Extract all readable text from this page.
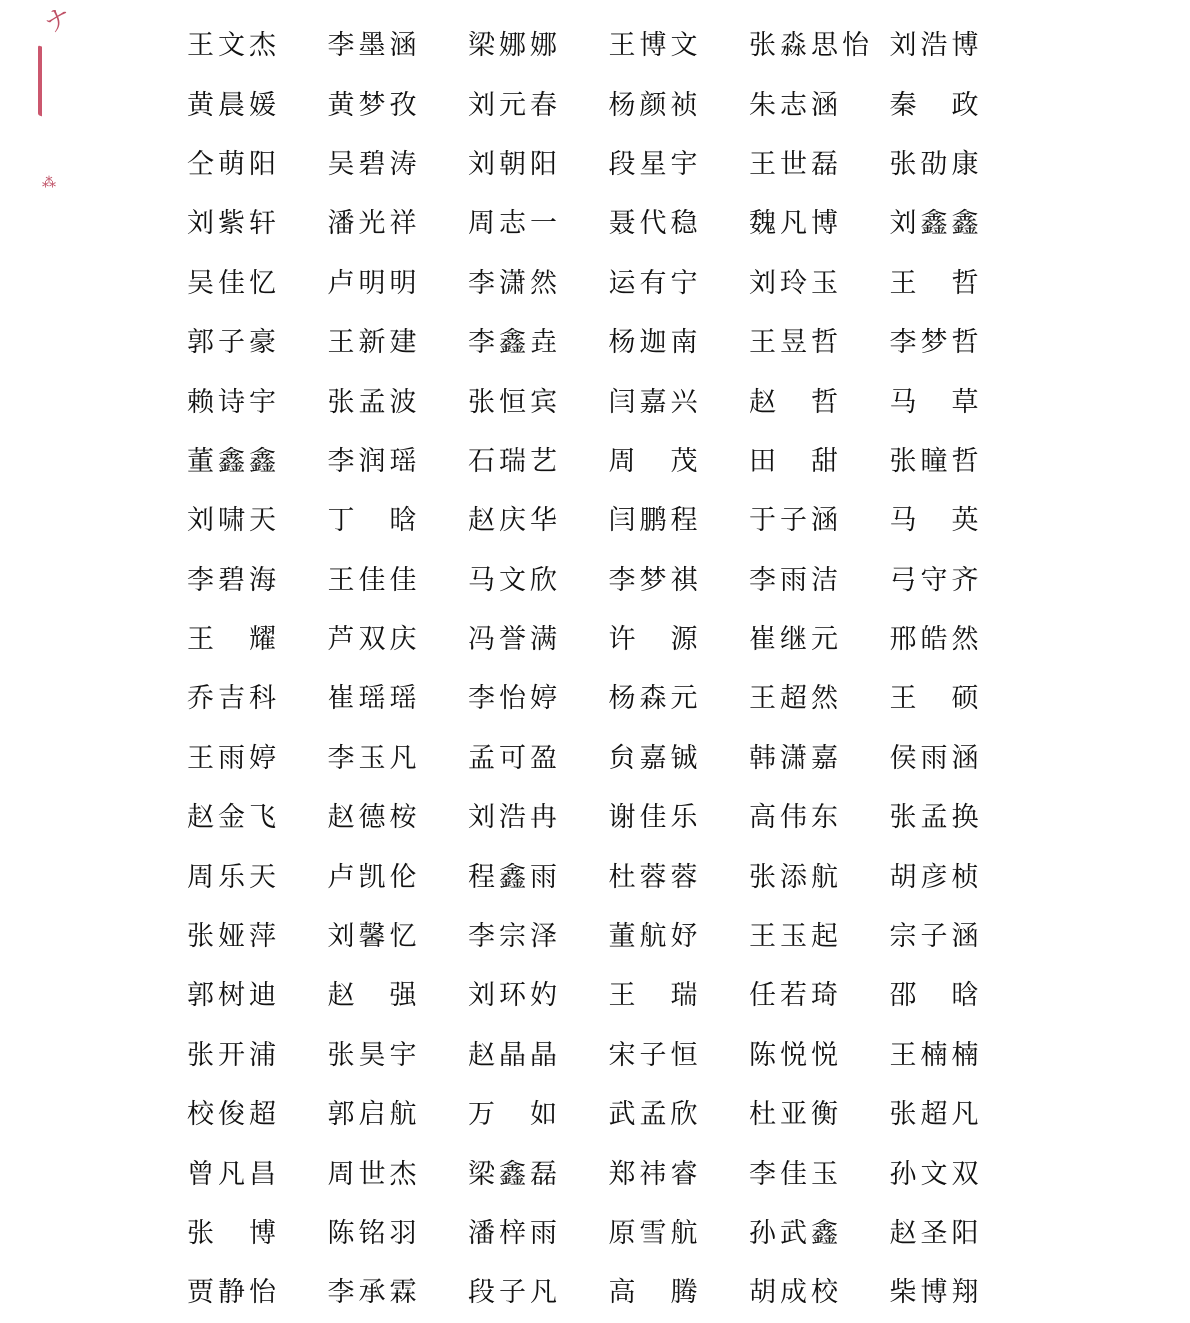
ナ
⁂
王文杰	李墨涵	梁娜娜	王博文	张淼思怡	刘浩博
黄晨媛	黄梦孜	刘元春	杨颜祯	朱志涵	秦政
仝萌阳	吴碧涛	刘朝阳	段星宇	王世磊	张劭康
刘紫轩	潘光祥	周志一	聂代稳	魏凡博	刘鑫鑫
吴佳忆	卢明明	李潇然	运有宁	刘玲玉	王哲
郭子豪	王新建	李鑫垚	杨迦南	王昱哲	李梦哲
赖诗宇	张孟波	张恒宾	闫嘉兴	赵哲	马草
董鑫鑫	李润瑶	石瑞艺	周茂	田甜	张瞳哲
刘啸天	丁晗	赵庆华	闫鹏程	于子涵	马英
李碧海	王佳佳	马文欣	李梦祺	李雨洁	弓守齐
王耀	芦双庆	冯誉满	许源	崔继元	邢皓然
乔吉科	崔瑶瑶	李怡婷	杨森元	王超然	王硕
王雨婷	李玉凡	孟可盈	贠嘉铖	韩潇嘉	侯雨涵
赵金飞	赵德桉	刘浩冉	谢佳乐	高伟东	张孟换
周乐天	卢凯伦	程鑫雨	杜蓉蓉	张添航	胡彦桢
张娅萍	刘馨忆	李宗泽	董航妤	王玉起	宗子涵
郭树迪	赵强	刘环妁	王瑞	任若琦	邵晗
张开浦	张昊宇	赵晶晶	宋子恒	陈悦悦	王楠楠
校俊超	郭启航	万如	武孟欣	杜亚衡	张超凡
曾凡昌	周世杰	梁鑫磊	郑祎睿	李佳玉	孙文双
张博	陈铭羽	潘梓雨	原雪航	孙武鑫	赵圣阳
贾静怡	李承霖	段子凡	高腾	胡成校	柴博翔
